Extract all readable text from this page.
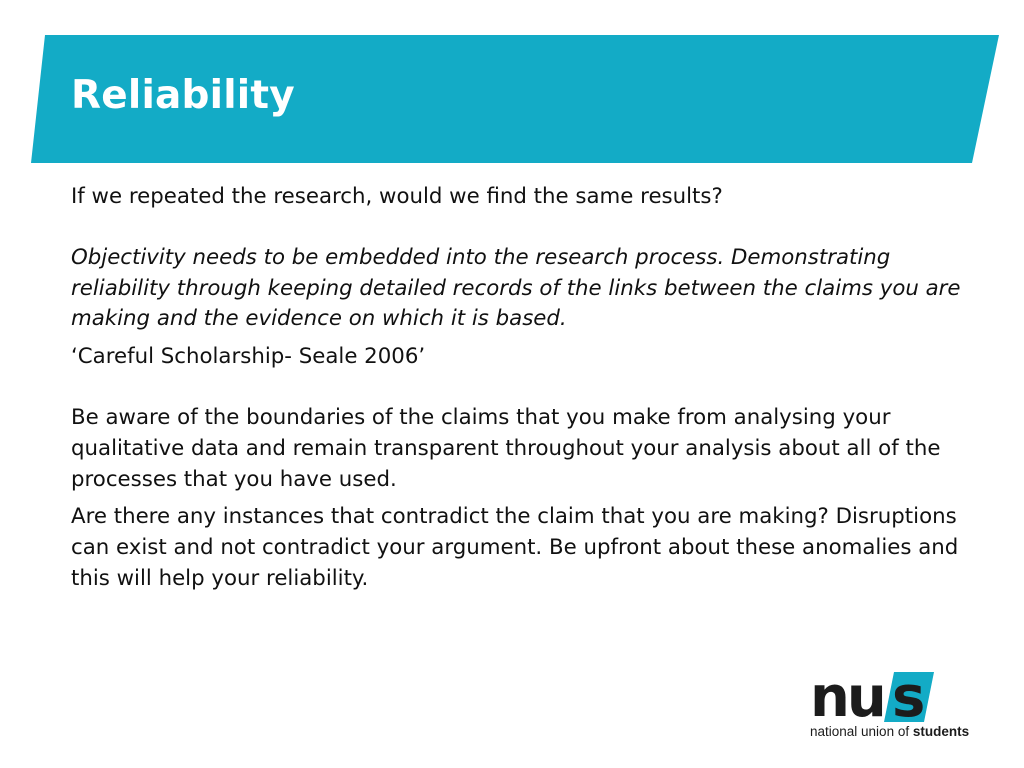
Reliability

If we repeated the research, would we find the same results?

Objectivity needs to be embedded into the research process. Demonstrating reliability through keeping detailed records of the links between the claims you are making and the evidence on which it is based.

‘Careful Scholarship- Seale 2006’

Be aware of the boundaries of the claims that you make from analysing your qualitative data and remain transparent throughout your analysis about all of the processes that you have used.

Are there any instances that contradict the claim that you are making? Disruptions can exist and not contradict your argument. Be upfront about these anomalies and this will help your reliability.

nu s
national union of students
